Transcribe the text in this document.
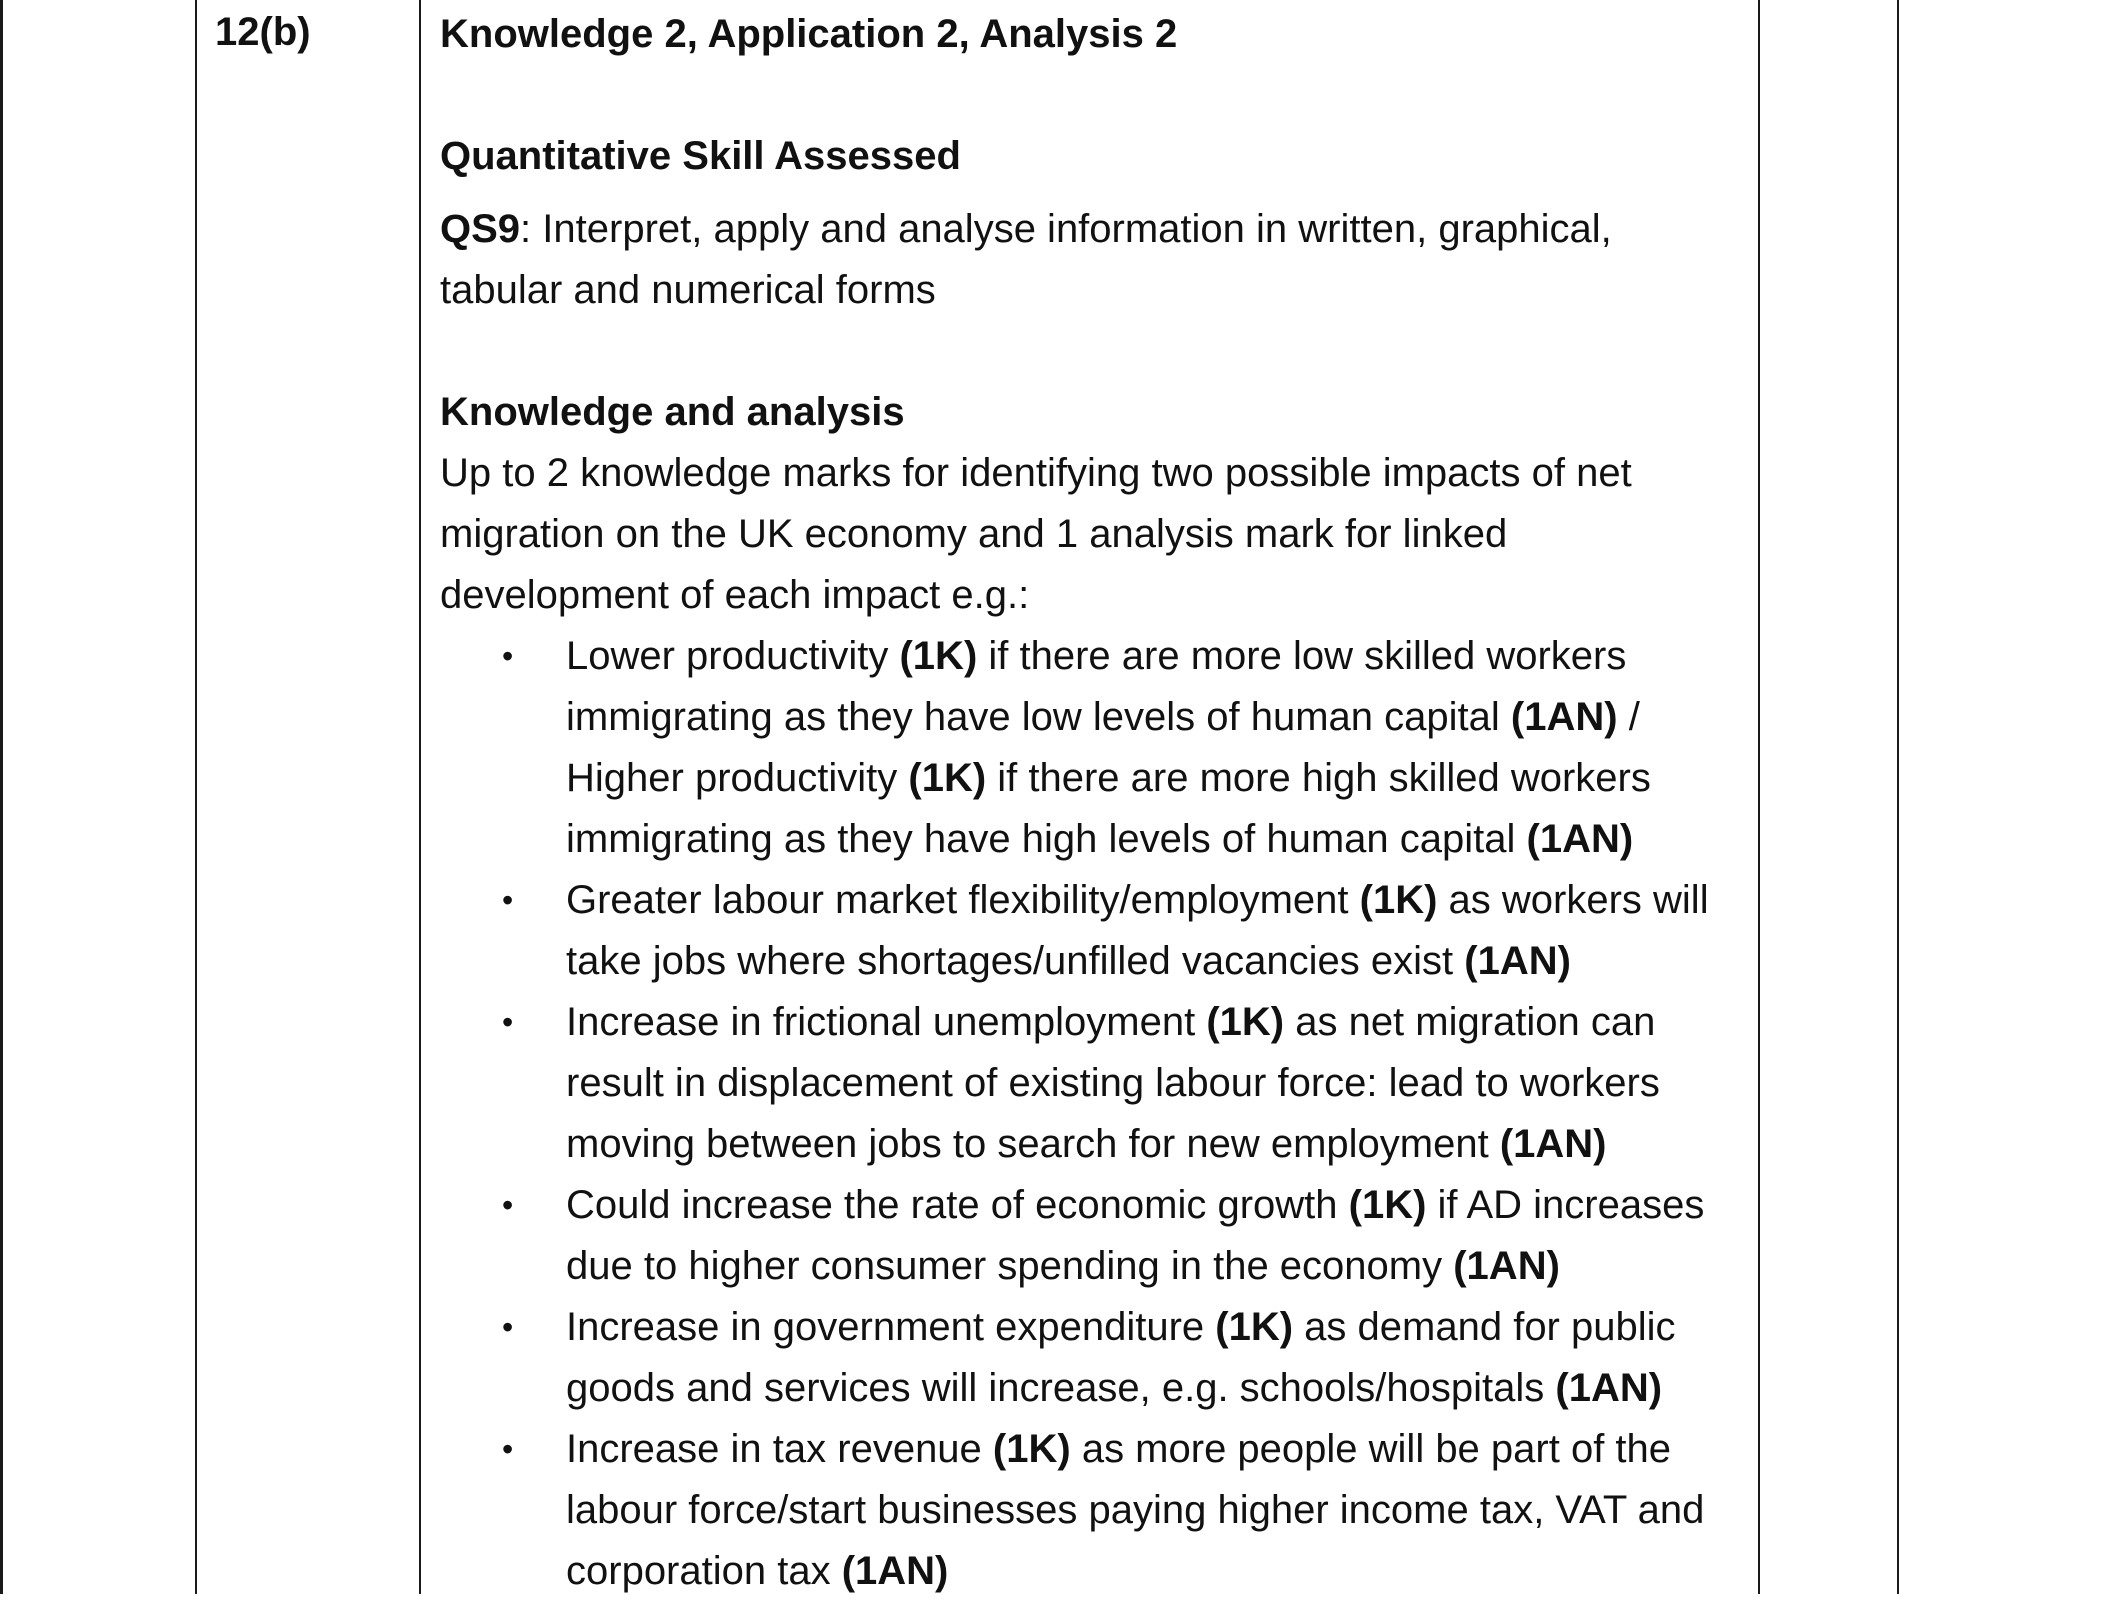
12(b)	Knowledge 2, Application 2, Analysis 2

Quantitative Skill Assessed

QS9: Interpret, apply and analyse information in written, graphical, tabular and numerical forms

Knowledge and analysis

Up to 2 knowledge marks for identifying two possible impacts of net migration on the UK economy and 1 analysis mark for linked development of each impact e.g.:

• Lower productivity (1K) if there are more low skilled workers immigrating as they have low levels of human capital (1AN) / Higher productivity (1K) if there are more high skilled workers immigrating as they have high levels of human capital (1AN)
• Greater labour market flexibility/employment (1K) as workers will take jobs where shortages/unfilled vacancies exist (1AN)
• Increase in frictional unemployment (1K) as net migration can result in displacement of existing labour force: lead to workers moving between jobs to search for new employment (1AN)
• Could increase the rate of economic growth (1K) if AD increases due to higher consumer spending in the economy (1AN)
• Increase in government expenditure (1K) as demand for public goods and services will increase, e.g. schools/hospitals (1AN)
• Increase in tax revenue (1K) as more people will be part of the labour force/start businesses paying higher income tax, VAT and corporation tax (1AN)
